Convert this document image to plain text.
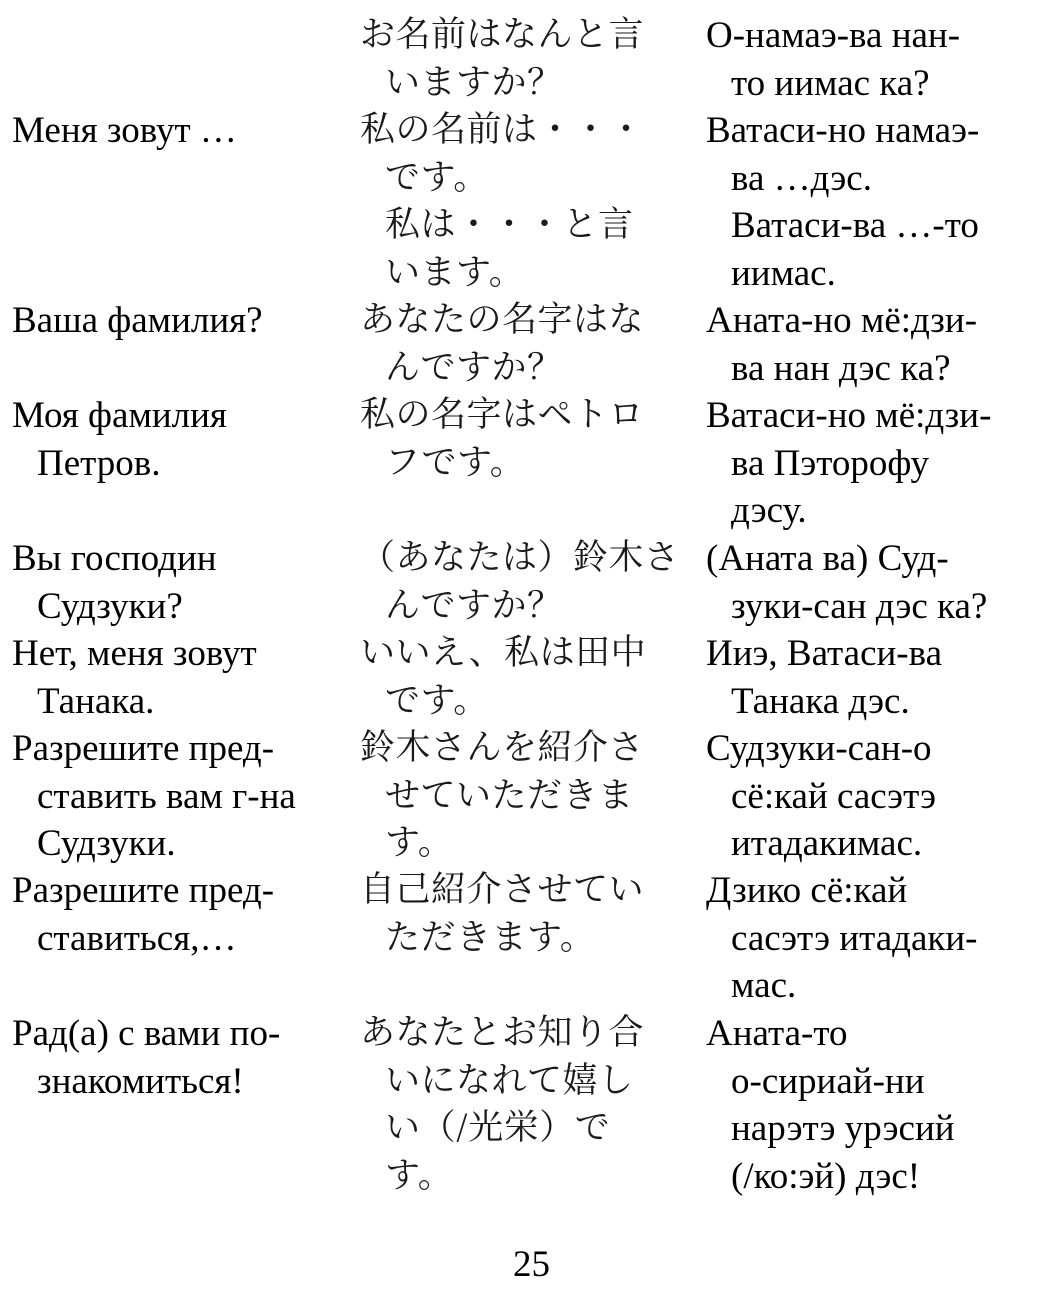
お名前はなんと言
いますか？
О-намаэ-ва нан-
то иимас ка?
Меня зовут …	私の名前は・・・
です。
私は・・・と言
います。
Ватаси-но намаэ-
ва …дэс.
Ватаси-ва …-то
иимас.
Ваша фамилия?	あなたの名字はな
んですか？
Аната-но мё:дзи-
ва нан дэс ка?
Моя фамилия
Петров.
私の名字はペトロ
フです。
Ватаси-но мё:дзи-
ва Пэторофу
дэсу.
Вы господин
Судзуки?
（あなたは）鈴木さ
んですか？
(Аната ва) Суд-
зуки-сан дэс ка?
Нет, меня зовут
Танака.
いいえ、私は田中
です。
Ииэ, Ватаси-ва
Танака дэс.
Разрешите пред-
ставить вам г-на
Судзуки.
鈴木さんを紹介さ
せていただきま
す。
Судзуки-сан-о
сё:кай сасэтэ
итадакимас.
Разрешите пред-
ставиться,…
自己紹介させてい
ただきます。
Дзико сё:кай
сасэтэ итадаки-
мас.
Рад(а) с вами по-
знакомиться!
あなたとお知り合
いになれて嬉し
い（/光栄）で
す。
Аната-то
о-сириай-ни
нарэтэ урэсий
(/ко:эй) дэс!
25
